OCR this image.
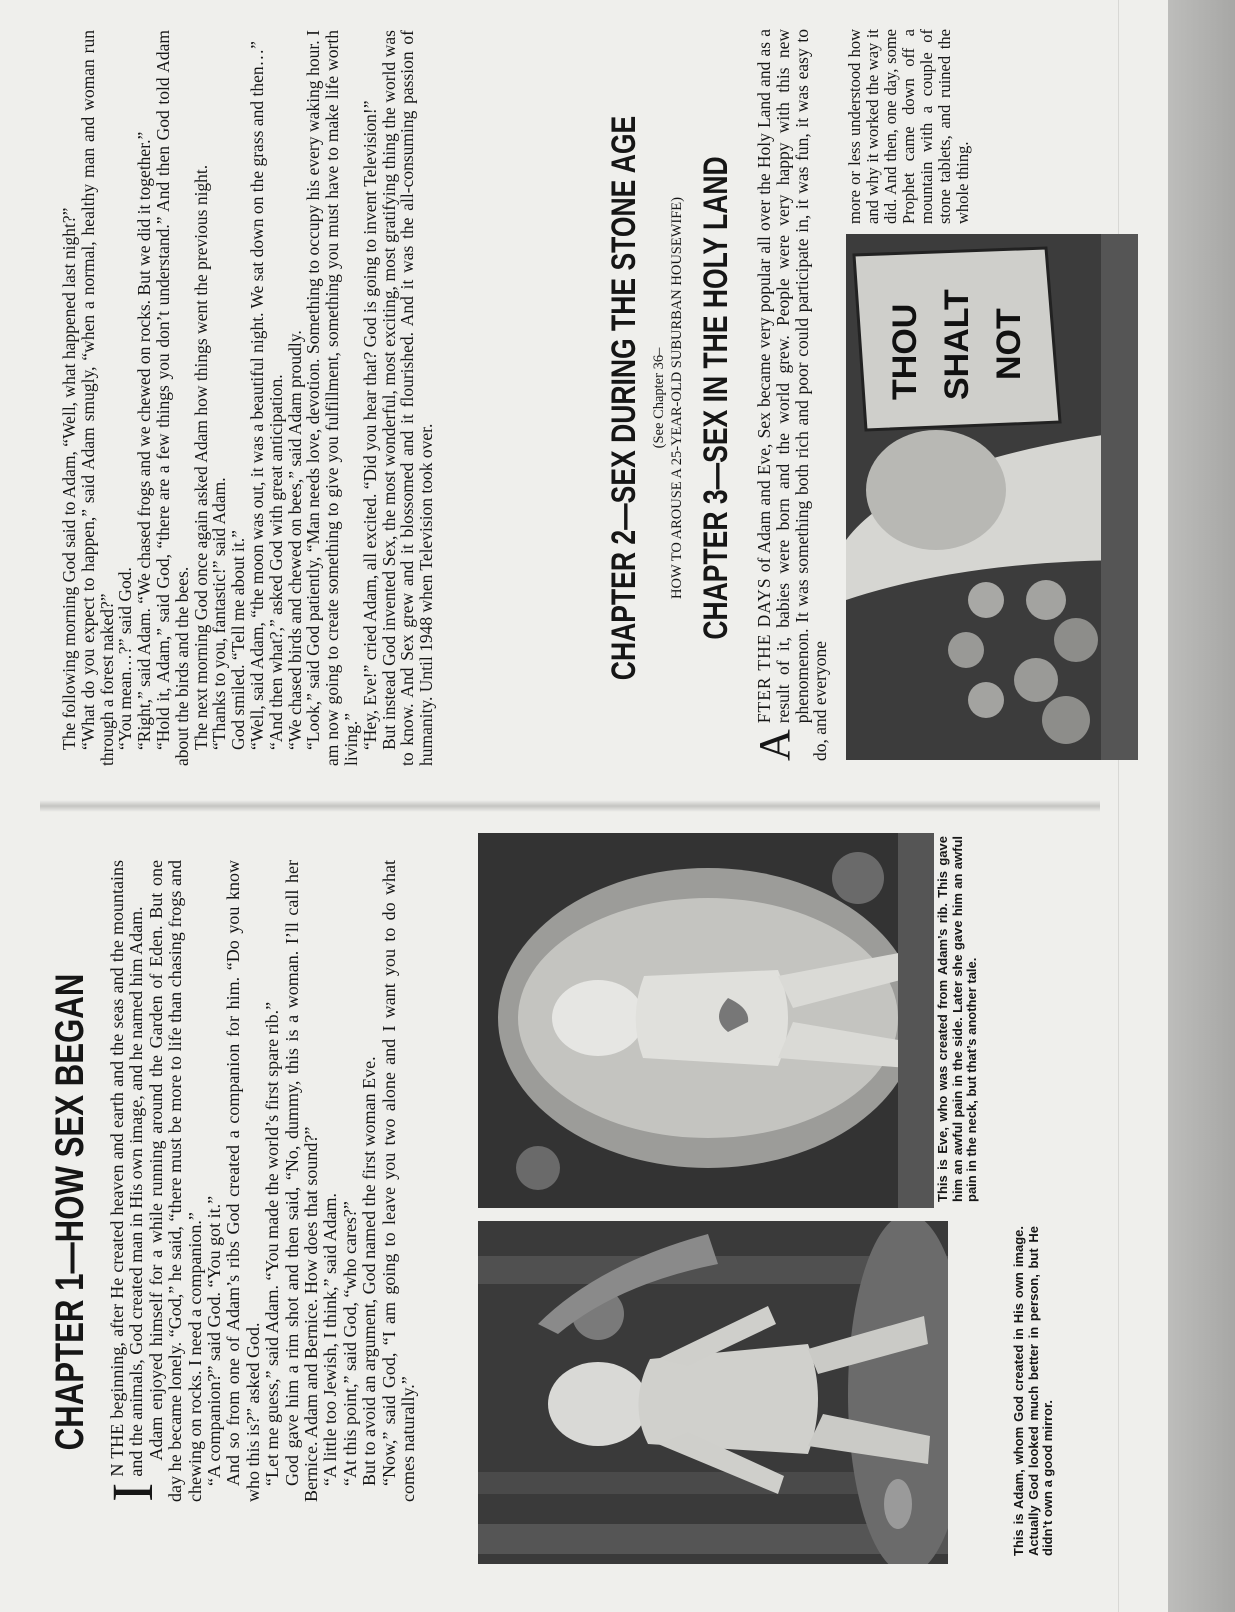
CHAPTER 1—HOW SEX BEGAN

I
N THE beginning, after He created heaven and earth and the seas and the mountains and the animals, God created man in His own image, and he named him Adam. Adam enjoyed himself for a while running around the Garden of Eden. But one day he became lonely. “God,” he said, “there must be more to life than chasing frogs and chewing on rocks. I need a companion.” “A companion?” said God. “You got it.” And so from one of Adam’s ribs God created a companion for him. “Do you know who this is?” asked God. “Let me guess,” said Adam. “You made the world’s first spare rib.” God gave him a rim shot and then said, “No, dummy, this is a woman. I’ll call her Bernice. Adam and Bernice. How does that sound?” “A little too Jewish, I think,” said Adam. “At this point,” said God, “who cares?” But to avoid an argument, God named the first woman Eve. “Now,” said God, “I am going to leave you two alone and I want you to do what comes naturally.”

This is Eve, who was created from Adam’s rib. This gave him an awful pain in the side. Later she gave him an awful pain in the neck, but that’s another tale.
This is Adam, whom God created in His own image. Actually God looked much better in person, but He didn’t own a good mirror.

The following morning God said to Adam, “Well, what happened last night?”

“What do you expect to happen,” said Adam smugly, “when a normal, healthy man and woman run through a forest naked?”

“You mean…?” said God.

“Right,” said Adam. “We chased frogs and we chewed on rocks. But we did it together.”

“Hold it, Adam,” said God, “there are a few things you don’t understand.” And then God told Adam about the birds and the bees.

The next morning God once again asked Adam how things went the previous night.

“Thanks to you, fantastic!” said Adam.

God smiled. “Tell me about it.”

“Well, said Adam, “the moon was out, it was a beautiful night. We sat down on the grass and then…”

“And then what?,” asked God with great anticipation.

“We chased birds and chewed on bees,” said Adam proudly.

“Look,” said God patiently, “Man needs love, devotion. Something to occupy his every waking hour. I am now going to create something to give you fulfillment, something you must have to make life worth living.”

“Hey, Eve!” cried Adam, all excited. “Did you hear that? God is going to invent Television!”

But instead God invented Sex, the most wonderful, most exciting, most gratifying thing the world was to know. And Sex grew and it blossomed and it flourished. And it was the all-consuming passion of humanity. Until 1948 when Television took over.	CHAPTER 2—SEX DURING THE STONE AGE (See Chapter 36– HOW TO AROUSE A 25-YEAR-OLD SUBURBAN HOUSEWIFE) CHAPTER 3—SEX IN THE HOLY LAND

A
FTER THE DAYS of Adam and Eve, Sex became very popular all over the Holy Land and as a result of it, babies were born and the world grew. People were very happy with this new phenomenon. It was something both rich and poor could participate in, it was fun, it was easy to do, and everyone

THOU SHALT NOT
more or less understood how and why it worked the way it did. And then, one day, some Prophet came down off a mountain with a couple of stone tablets, and ruined the whole thing.
